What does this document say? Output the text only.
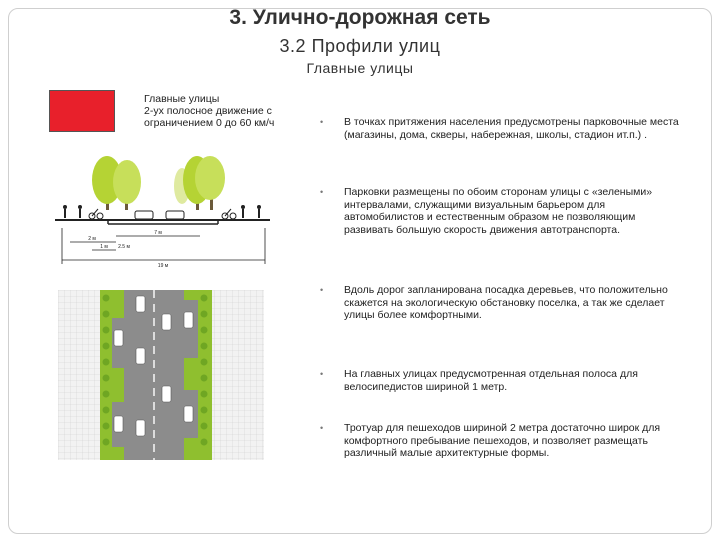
3. Улично-дорожная сеть
3.2 Профили улиц
Главные улицы
Главные улицы
2-ух полосное движение с
ограничением 0 до 60 км/ч
7 м
2 м
1 м 2.5 м
19 м
• В точках притяжения населения предусмотрены парковочные места (магазины, дома, скверы, набережная, школы, стадион ит.п.) .
• Парковки размещены по обоим сторонам улицы с «зелеными» интервалами, служащими визуальным барьером для автомобилистов и естественным образом не позволяющим развивать большую скорость движения автотранспорта.
• Вдоль дорог запланирована посадка деревьев, что положительно скажется на экологическую обстановку поселка, а так же сделает улицы более комфортными.
• На главных улицах предусмотренная отдельная полоса для велосипедистов шириной 1 метр.
• Тротуар для пешеходов шириной 2 метра достаточно широк для комфортного пребывание пешеходов, и позволяет размещать различный малые архитектурные формы.
